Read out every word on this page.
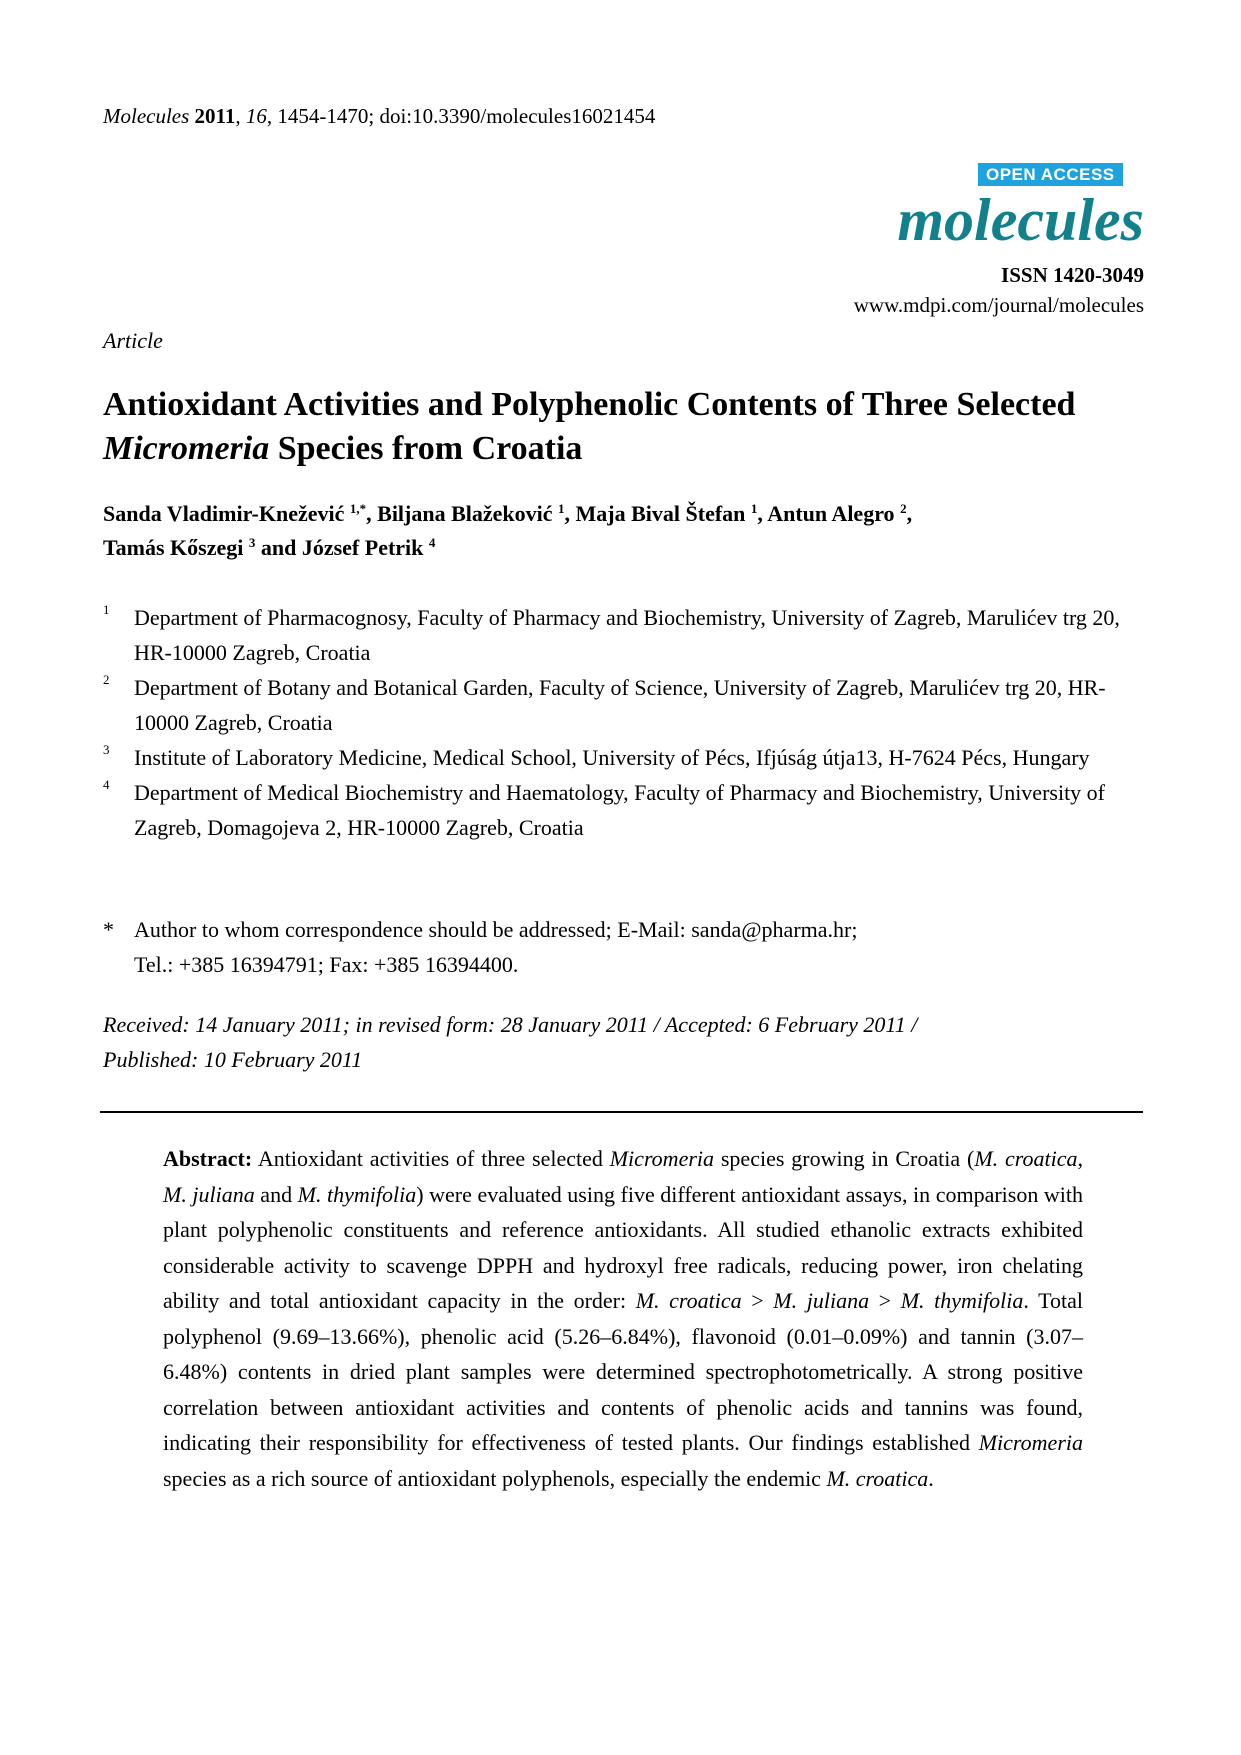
Molecules 2011, 16, 1454-1470; doi:10.3390/molecules16021454
OPEN ACCESS
molecules
ISSN 1420-3049
www.mdpi.com/journal/molecules
Article
Antioxidant Activities and Polyphenolic Contents of Three Selected Micromeria Species from Croatia
Sanda Vladimir-Knežević $^{1,*}$, Biljana Blažeković $^1$, Maja Bival Štefan $^1$, Antun Alegro $^2$,
Tamás Kőszegi $^3$ and József Petrik $^4$
1 Department of Pharmacognosy, Faculty of Pharmacy and Biochemistry, University of Zagreb, Marulićev trg 20, HR-10000 Zagreb, Croatia
2 Department of Botany and Botanical Garden, Faculty of Science, University of Zagreb, Marulićev trg 20, HR-10000 Zagreb, Croatia
3 Institute of Laboratory Medicine, Medical School, University of Pécs, Ifjúság útja13, H-7624 Pécs, Hungary
4 Department of Medical Biochemistry and Haematology, Faculty of Pharmacy and Biochemistry, University of Zagreb, Domagojeva 2, HR-10000 Zagreb, Croatia
* Author to whom correspondence should be addressed; E-Mail: sanda@pharma.hr;
Tel.: +385 16394791; Fax: +385 16394400.
Received: 14 January 2011; in revised form: 28 January 2011 / Accepted: 6 February 2011 /
Published: 10 February 2011
Abstract: Antioxidant activities of three selected Micromeria species growing in Croatia (M. croatica, M. juliana and M. thymifolia) were evaluated using five different antioxidant assays, in comparison with plant polyphenolic constituents and reference antioxidants. All studied ethanolic extracts exhibited considerable activity to scavenge DPPH and hydroxyl free radicals, reducing power, iron chelating ability and total antioxidant capacity in the order: M. croatica > M. juliana > M. thymifolia. Total polyphenol (9.69–13.66%), phenolic acid (5.26–6.84%), flavonoid (0.01–0.09%) and tannin (3.07–6.48%) contents in dried plant samples were determined spectrophotometrically. A strong positive correlation between antioxidant activities and contents of phenolic acids and tannins was found, indicating their responsibility for effectiveness of tested plants. Our findings established Micromeria species as a rich source of antioxidant polyphenols, especially the endemic M. croatica.
